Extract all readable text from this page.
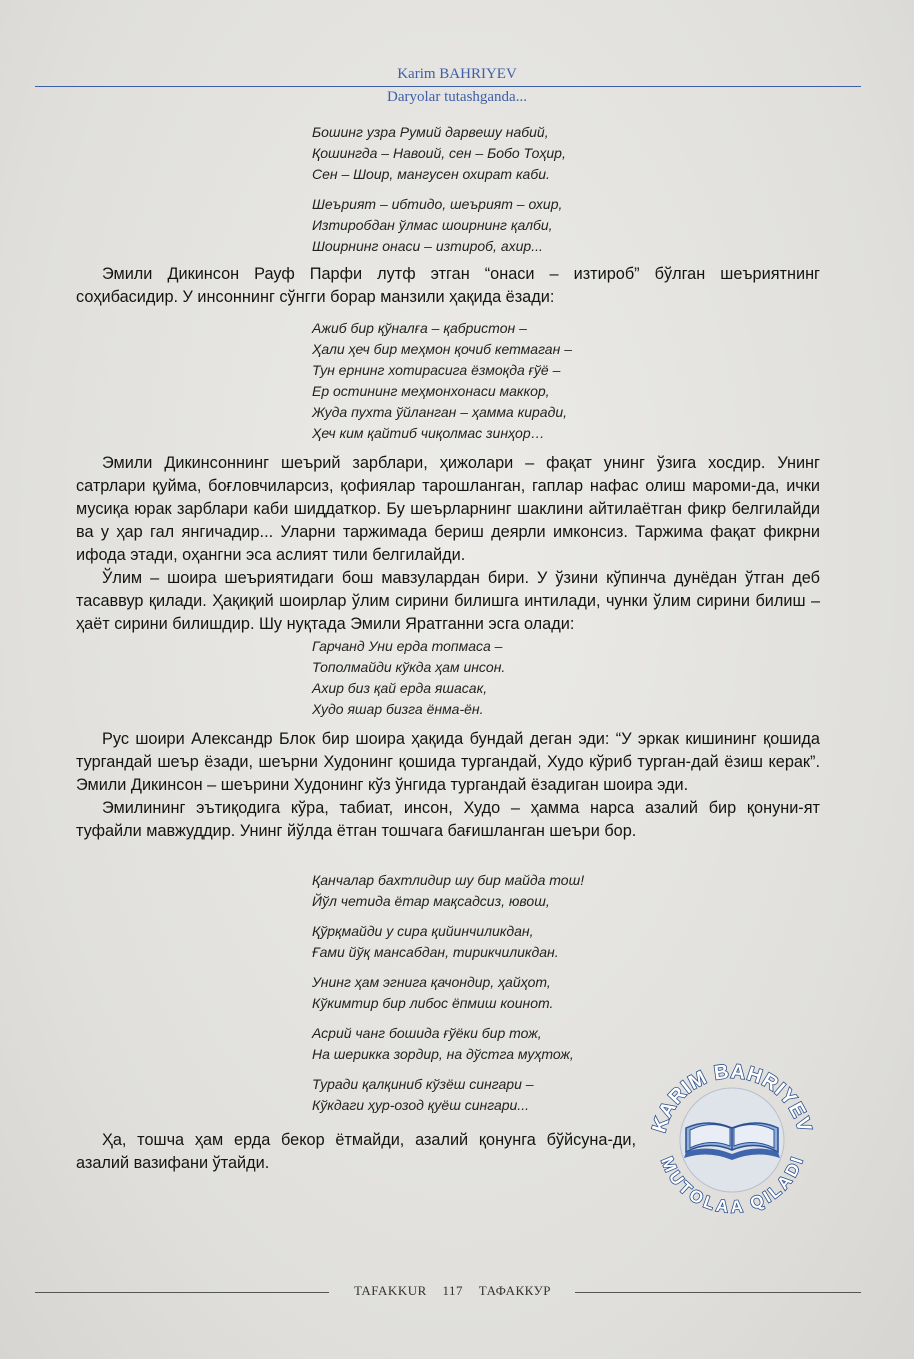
Karim BAHRIYEV
Daryolar tutashganda...
Бошинг узра Румий дарвешу набий,
Қошингда – Навоий, сен – Бобо Тоҳир,
Сен – Шоир, мангусен охират каби.
Шеърият – ибтидо, шеърият – охир,
Изтиробдан ўлмас шоирнинг қалби,
Шоирнинг онаси – изтироб, ахир...

Эмили Дикинсон Рауф Парфи лутф этган “онаси – изтироб” бўлган шеъриятнинг соҳибасидир. У инсоннинг сўнгги борар манзили ҳақида ёзади:

Ажиб бир қўналға – қабристон –
Ҳали ҳеч бир меҳмон қочиб кетмаган –
Тун ернинг хотирасига ёзмоқда ғўё –
Ер остининг меҳмонхонаси маккор,
Жуда пухта ўйланган – ҳамма киради,
Ҳеч ким қайтиб чиқолмас зинҳор…

Эмили Дикинсоннинг шеърий зарблари, ҳижолари – фақат унинг ўзига хосдир. Унинг сатрлари қуйма, боғловчиларсиз, қофиялар тарошланган, гаплар нафас олиш мароми-да, ички мусиқа юрак зарблари каби шиддаткор. Бу шеърларнинг шаклини айтилаётган фикр белгилайди ва у ҳар гал янгичадир... Уларни таржимада бериш деярли имконсиз. Таржима фақат фикрни ифода этади, оҳангни эса аслият тили белгилайди.

Ўлим – шоира шеъриятидаги бош мавзулардан бири. У ўзини кўпинча дунёдан ўтган деб тасаввур қилади. Ҳақиқий шоирлар ўлим сирини билишга интилади, чунки ўлим сирини билиш – ҳаёт сирини билишдир. Шу нуқтада Эмили Яратганни эсга олади:

Гарчанд Уни ерда топмаса –
Тополмайди кўкда ҳам инсон.
Ахир биз қай ерда яшасак,
Худо яшар бизга ёнма-ён.

Рус шоири Александр Блок бир шоира ҳақида бундай деган эди: “У эркак кишининг қошида тургандай шеър ёзади, шеърни Худонинг қошида тургандай, Худо кўриб турган-дай ёзиш керак”. Эмили Дикинсон – шеърини Худонинг кўз ўнгида тургандай ёзадиган шоира эди.

Эмилининг эътиқодига кўра, табиат, инсон, Худо – ҳамма нарса азалий бир қонуни-ят туфайли мавжуддир. Унинг йўлда ётган тошчага бағишланган шеъри бор.

Қанчалар бахтлидир шу бир майда тош!
Йўл четида ётар мақсадсиз, ювош,
Қўрқмайди у сира қийинчиликдан,
Ғами йўқ мансабдан, тирикчиликдан.
Унинг ҳам эгнига қачондир, ҳайҳот,
Кўкимтир бир либос ёпмиш коинот.
Асрий чанг бошида ғўёки бир тож,
На шерикка зордир, на дўстга муҳтож,
Туради қалқиниб кўзёш сингари –
Кўкдаги ҳур-озод қуёш сингари...

Ҳа, тошча ҳам ерда бекор ётмайди, азалий қонунга бўйсуна-ди, азалий вазифани ўтайди.

KARIM BAHRIYEV
MUTOLAA QILADI
TAFAKKUR 117 ТАФАККУР
